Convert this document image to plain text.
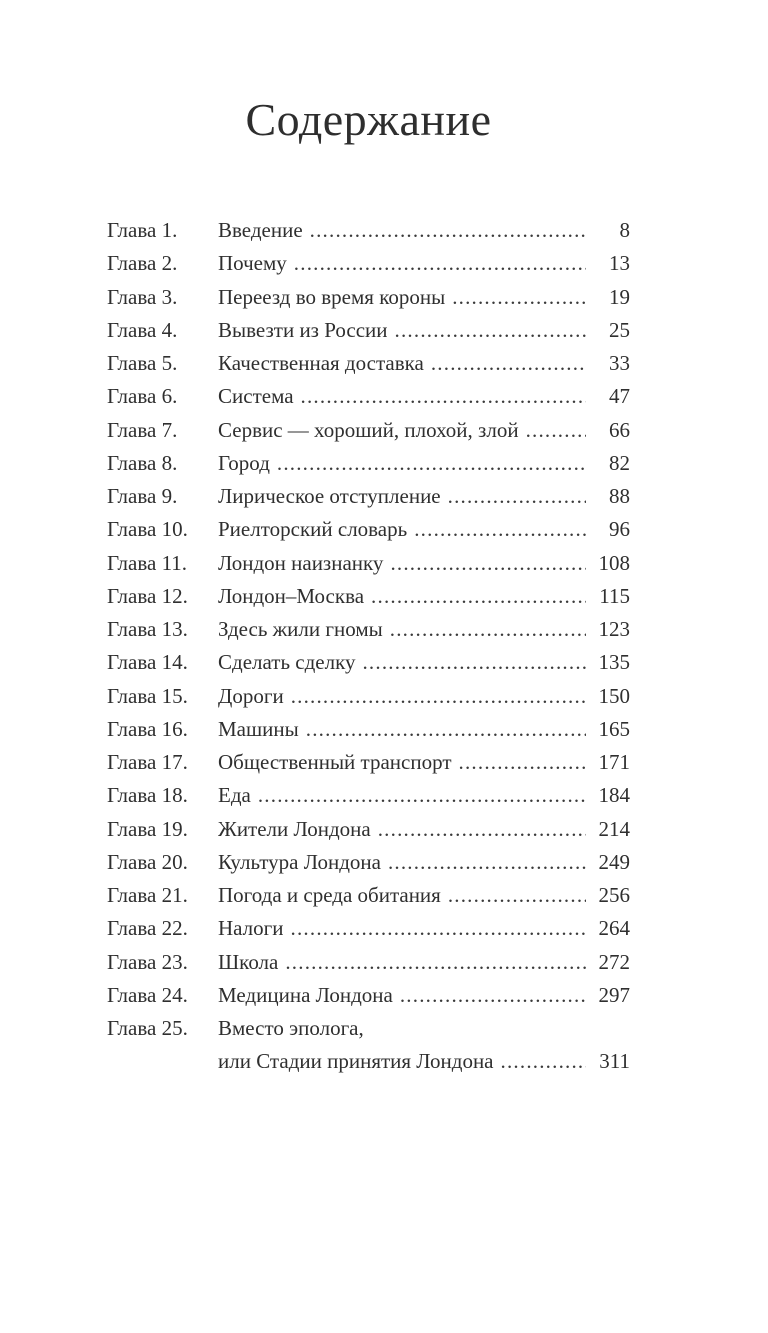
Содержание
Глава 1.	Введение .....	8
Глава 2.	Почему .....	13
Глава 3.	Переезд во время короны .....	19
Глава 4.	Вывезти из России .....	25
Глава 5.	Качественная доставка .....	33
Глава 6.	Система .....	47
Глава 7.	Сервис — хороший, плохой, злой .....	66
Глава 8.	Город .....	82
Глава 9.	Лирическое отступление .....	88
Глава 10.	Риелторский словарь .....	96
Глава 11.	Лондон наизнанку .....	108
Глава 12.	Лондон–Москва .....	115
Глава 13.	Здесь жили гномы .....	123
Глава 14.	Сделать сделку .....	135
Глава 15.	Дороги .....	150
Глава 16.	Машины .....	165
Глава 17.	Общественный транспорт .....	171
Глава 18.	Еда .....	184
Глава 19.	Жители Лондона .....	214
Глава 20.	Культура Лондона .....	249
Глава 21.	Погода и среда обитания .....	256
Глава 22.	Налоги .....	264
Глава 23.	Школа .....	272
Глава 24.	Медицина Лондона .....	297
Глава 25.	Вместо эполога,
или Стадии принятия Лондона .....	311
